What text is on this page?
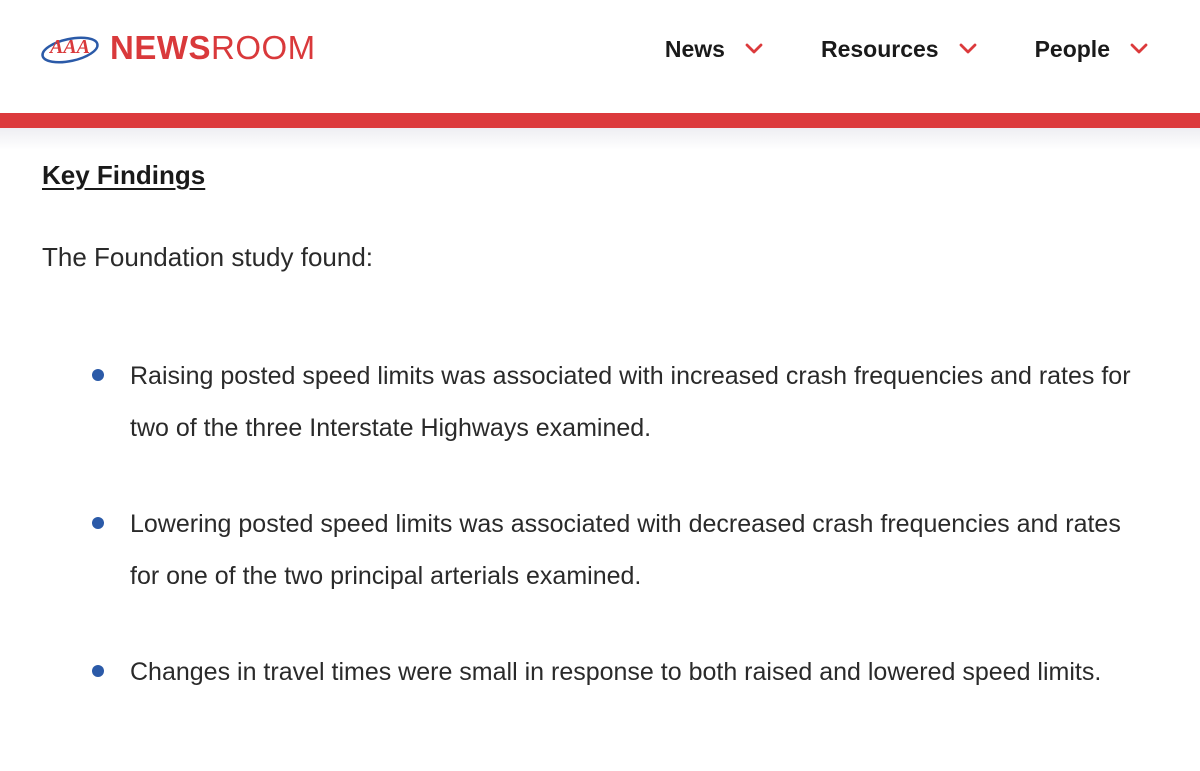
AAA NEWSROOM	News	Resources	People
Key Findings
The Foundation study found:
Raising posted speed limits was associated with increased crash frequencies and rates for two of the three Interstate Highways examined.
Lowering posted speed limits was associated with decreased crash frequencies and rates for one of the two principal arterials examined.
Changes in travel times were small in response to both raised and lowered speed limits.
